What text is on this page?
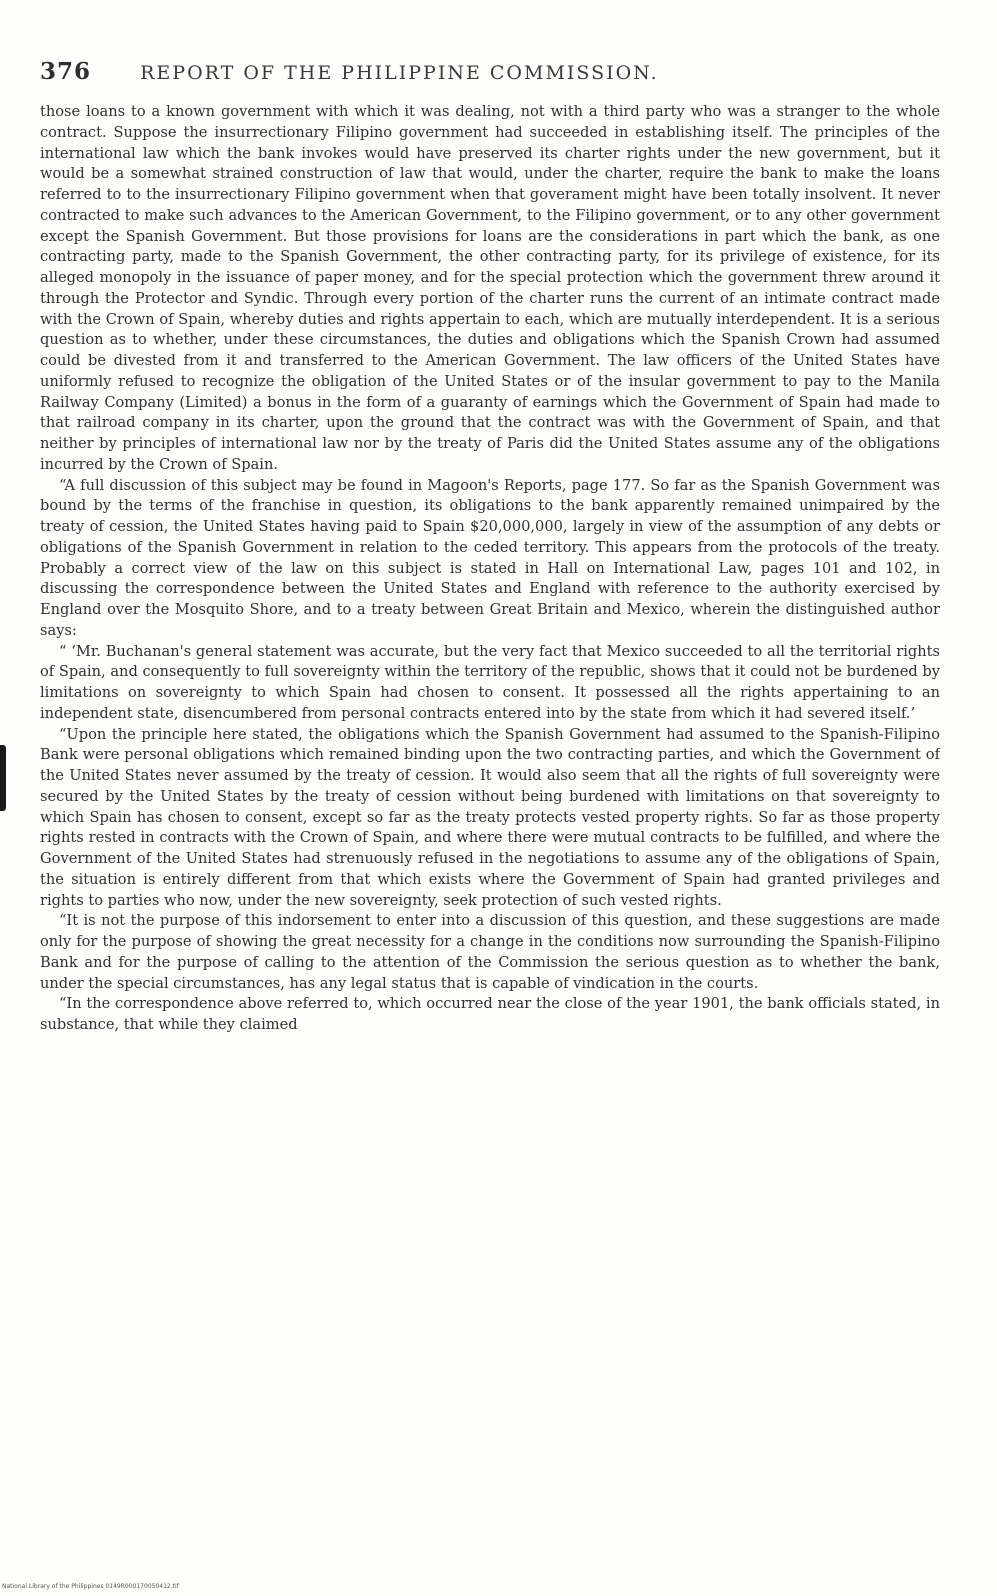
376	REPORT OF THE PHILIPPINE COMMISSION.

those loans to a known government with which it was dealing, not with a third party who was a stranger to the whole contract. Suppose the insurrectionary Filipino government had succeeded in establishing itself. The principles of the international law which the bank invokes would have preserved its charter rights under the new government, but it would be a somewhat strained construction of law that would, under the charter, require the bank to make the loans referred to to the insurrectionary Filipino government when that goverament might have been totally insolvent. It never contracted to make such advances to the American Government, to the Filipino government, or to any other government except the Spanish Government. But those provisions for loans are the considerations in part which the bank, as one contracting party, made to the Spanish Government, the other contracting party, for its privilege of existence, for its alleged monopoly in the issuance of paper money, and for the special protection which the government threw around it through the Protector and Syndic. Through every portion of the charter runs the current of an intimate contract made with the Crown of Spain, whereby duties and rights appertain to each, which are mutually interdependent. It is a serious question as to whether, under these circumstances, the duties and obligations which the Spanish Crown had assumed could be divested from it and transferred to the American Government. The law officers of the United States have uniformly refused to recognize the obligation of the United States or of the insular government to pay to the Manila Railway Company (Limited) a bonus in the form of a guaranty of earnings which the Government of Spain had made to that railroad company in its charter, upon the ground that the contract was with the Government of Spain, and that neither by principles of international law nor by the treaty of Paris did the United States assume any of the obligations incurred by the Crown of Spain.

“A full discussion of this subject may be found in Magoon's Reports, page 177. So far as the Spanish Government was bound by the terms of the franchise in question, its obligations to the bank apparently remained unimpaired by the treaty of cession, the United States having paid to Spain $20,000,000, largely in view of the assumption of any debts or obligations of the Spanish Government in relation to the ceded territory. This appears from the protocols of the treaty. Probably a correct view of the law on this subject is stated in Hall on International Law, pages 101 and 102, in discussing the correspondence between the United States and England with reference to the authority exercised by England over the Mosquito Shore, and to a treaty between Great Britain and Mexico, wherein the distinguished author says:

“ ‘Mr. Buchanan's general statement was accurate, but the very fact that Mexico succeeded to all the territorial rights of Spain, and consequently to full sovereignty within the territory of the republic, shows that it could not be burdened by limitations on sovereignty to which Spain had chosen to consent. It possessed all the rights appertaining to an independent state, disencumbered from personal contracts entered into by the state from which it had severed itself.’

“Upon the principle here stated, the obligations which the Spanish Government had assumed to the Spanish-Filipino Bank were personal obligations which remained binding upon the two contracting parties, and which the Government of the United States never assumed by the treaty of cession. It would also seem that all the rights of full sovereignty were secured by the United States by the treaty of cession without being burdened with limitations on that sovereignty to which Spain has chosen to consent, except so far as the treaty protects vested property rights. So far as those property rights rested in contracts with the Crown of Spain, and where there were mutual contracts to be fulfilled, and where the Government of the United States had strenuously refused in the negotiations to assume any of the obligations of Spain, the situation is entirely different from that which exists where the Government of Spain had granted privileges and rights to parties who now, under the new sovereignty, seek protection of such vested rights.

“It is not the purpose of this indorsement to enter into a discussion of this question, and these suggestions are made only for the purpose of showing the great necessity for a change in the conditions now surrounding the Spanish-Filipino Bank and for the purpose of calling to the attention of the Commission the serious question as to whether the bank, under the special circumstances, has any legal status that is capable of vindication in the courts.

“In the correspondence above referred to, which occurred near the close of the year 1901, the bank officials stated, in substance, that while they claimed

National Library of the Philippines 0149R000170050412.tif
